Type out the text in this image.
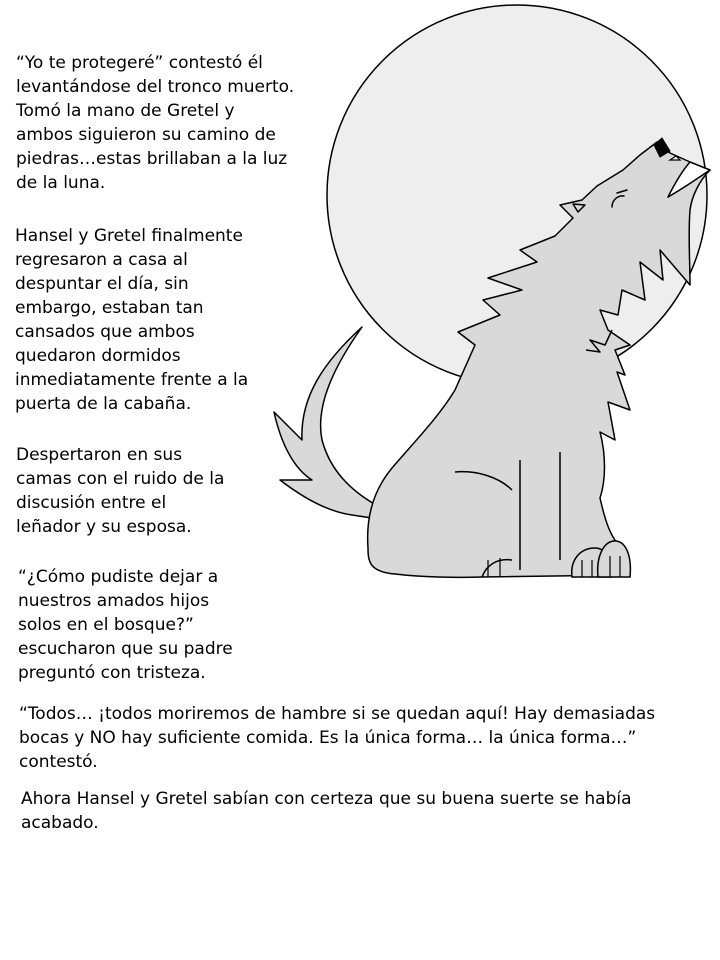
“Yo te protegeré” contestó él
levantándose del tronco muerto.
Tomó la mano de Gretel y
ambos siguieron su camino de
piedras…estas brillaban a la luz
de la luna.

Hansel y Gretel finalmente
regresaron a casa al
despuntar el día, sin
embargo, estaban tan
cansados que ambos
quedaron dormidos
inmediatamente frente a la
puerta de la cabaña.

Despertaron en sus
camas con el ruido de la
discusión entre el
leñador y su esposa.

“¿Cómo pudiste dejar a
nuestros amados hijos
solos en el bosque?”
escucharon que su padre
preguntó con tristeza.

“Todos… ¡todos moriremos de hambre si se quedan aquí! Hay demasiadas
bocas y NO hay suficiente comida. Es la única forma… la única forma…”
contestó.

Ahora Hansel y Gretel sabían con certeza que su buena suerte se había
acabado.
